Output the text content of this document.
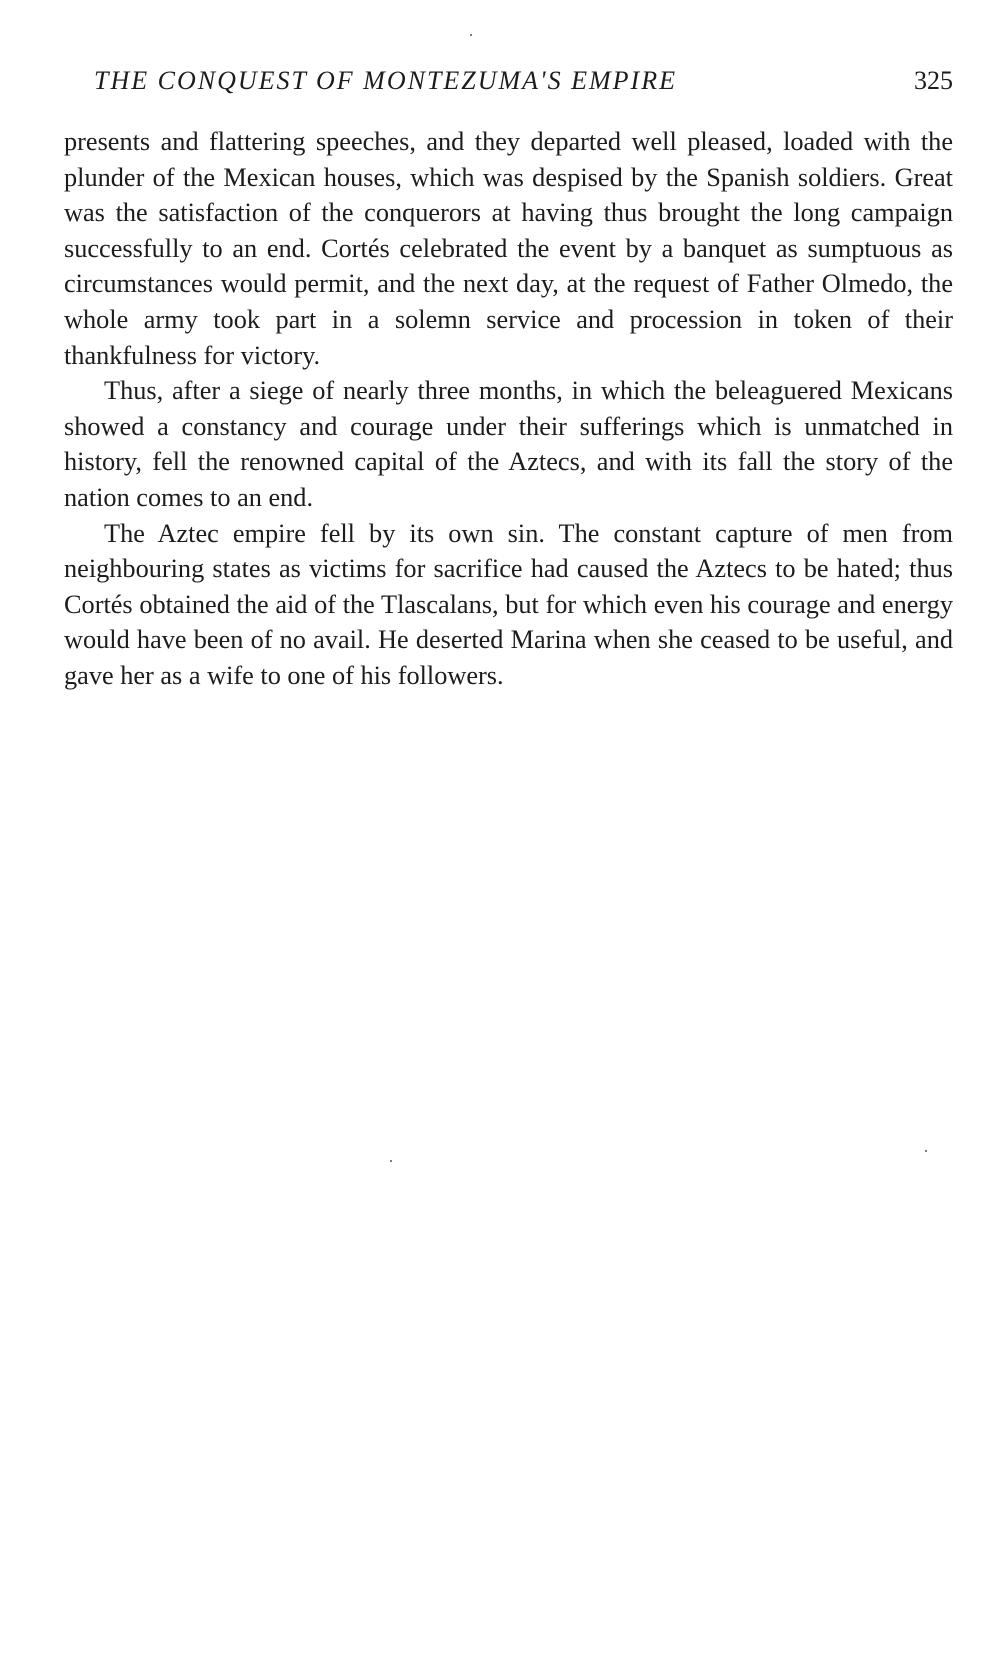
THE CONQUEST OF MONTEZUMA'S EMPIRE	325

presents and flattering speeches, and they departed well pleased, loaded with the plunder of the Mexican houses, which was despised by the Spanish soldiers. Great was the satisfaction of the conquerors at having thus brought the long campaign successfully to an end. Cortés celebrated the event by a banquet as sumptuous as circumstances would permit, and the next day, at the request of Father Olmedo, the whole army took part in a solemn service and procession in token of their thankfulness for victory.

Thus, after a siege of nearly three months, in which the beleaguered Mexicans showed a constancy and courage under their sufferings which is unmatched in history, fell the renowned capital of the Aztecs, and with its fall the story of the nation comes to an end.

The Aztec empire fell by its own sin. The constant capture of men from neighbouring states as victims for sacrifice had caused the Aztecs to be hated; thus Cortés obtained the aid of the Tlascalans, but for which even his courage and energy would have been of no avail. He deserted Marina when she ceased to be useful, and gave her as a wife to one of his followers.
